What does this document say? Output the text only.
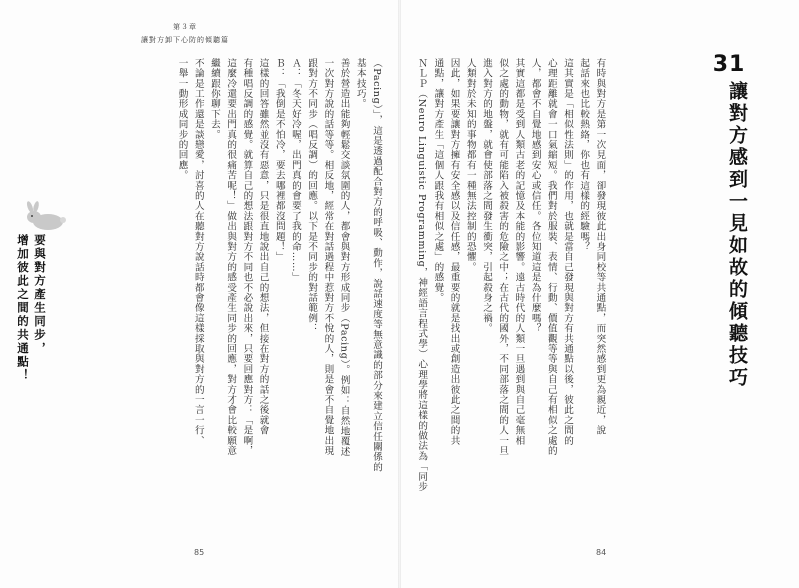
第３章
讓對方卸下心防的傾聽篇
31
讓對方感到一見如故的傾聽技巧

有時與對方是第一次見面，卻發現彼此出身同校等共通點，而突然感到更為親近，說

起話來也比較熱絡，你也有這樣的經驗嗎？

這其實是「相似性法則」的作用，也就是當自己發現與對方有共通點以後，彼此之間的

心理距離就會一口氣縮短。我們對於服裝、表情、行動、價值觀等等與自己有相似之處的

人，都會不自覺地感到安心或信任。各位知道這是為什麼嗎？

其實這都是受到人類古老的記憶及本能的影響。遠古時代的人類一旦遇到與自己毫無相

似之處的動物，就有可能陷入被殺害的危險之中；在古代的國外，不同部落之間的人一旦

進入對方的地盤，就會使部落之間發生衝突，引起殺身之禍。

人類對於未知的事物都有一種無法控制的恐懼。

因此，如果要讓對方擁有安全感以及信任感，最重要的就是找出或創造出彼此之間的共

通點，讓對方產生「這個人跟我有相似之處」的感覺。

ＮＬＰ（Neuro Linguistic Programming，神經語言程式學）心理學將這樣的做法為「同步

（Pacing）」，這是透過配合對方的呼吸、動作，說話速度等無意識的部分來建立信任關係的

基本技巧。

善於營造出能夠輕鬆交談氛圍的人，都會與對方形成同步（Pacing）。例如：自然地覆述

一次對方說的話等等。相反地，經常在對話過程中惹對方不悅的人，則是會不自覺地出現

跟對方不同步（唱反調）的回應。以下是不同步的對話範例：

Ａ：「冬天好冷喔，出門真的會要了我的命……」

Ｂ：「我倒是不怕冷，要去哪裡都沒問題！」

這樣的回答雖然並沒有惡意，只是很直地說出自己的想法，但接在對方的話之後就會

有種唱反調的感覺。就算自己的想法跟對方不同也不必說出來，只要回應對方：「是啊，

這麼冷還要出門真的很痛苦呢！」做出與對方的感受產生同步的回應，對方才會比較願意

繼續跟你聊下去。

不論是工作還是談戀愛，討喜的人在聽對方說話時都會像這樣採取與對方的一言一行、

一舉一動形成同步的回應。

要與對方產生同步，
增加彼此之間的共通點！
85	84
